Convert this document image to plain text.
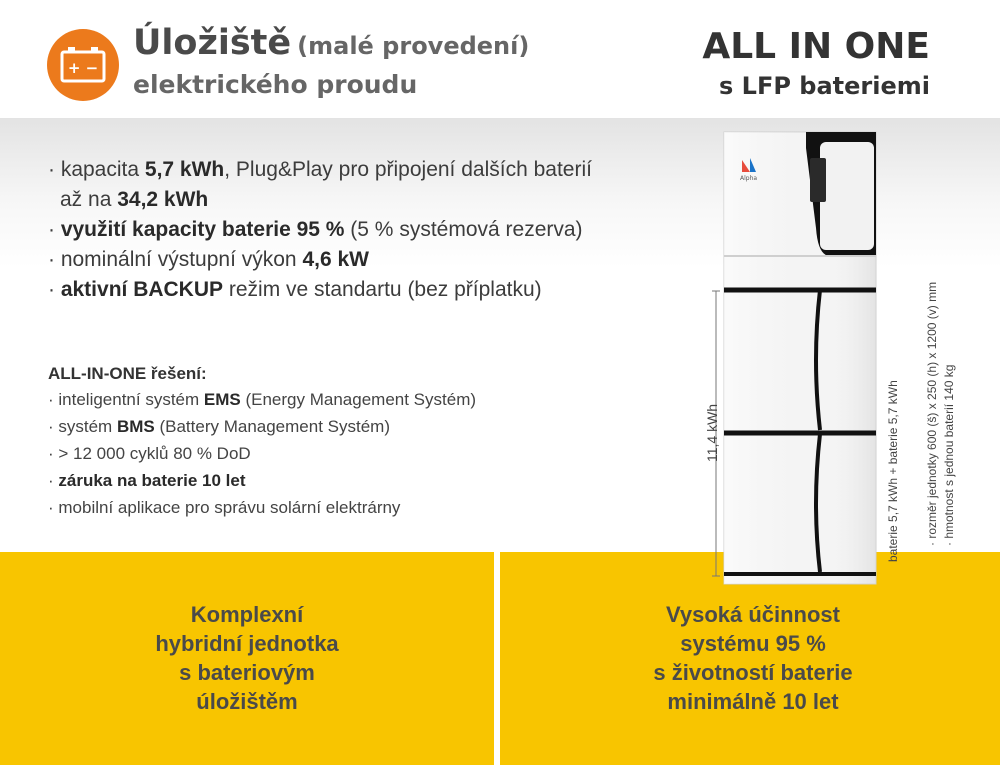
+ −
Úložiště (malé provedení)
elektrického proudu
ALL IN ONE
s LFP bateriemi
· kapacita 5,7 kWh, Plug&Play pro připojení dalších baterií
až na 34,2 kWh
· využití kapacity baterie 95 % (5 % systémová rezerva)
· nominální výstupní výkon 4,6 kW
· aktivní BACKUP režim ve standartu (bez příplatku)
ALL-IN-ONE řešení:
· inteligentní systém EMS (Energy Management Systém)
· systém BMS (Battery Management Systém)
· > 12 000 cyklů 80 % DoD
· záruka na baterie 10 let
· mobilní aplikace pro správu solární elektrárny
Komplexní
hybridní jednotka
s bateriovým
úložištěm
Vysoká účinnost
systému 95 %
s životností baterie
minimálně 10 let
Alpha
11,4 kWh	baterie 5,7 kWh + baterie 5,7 kWh · rozměr jednotky 600 (š) x 250 (h) x 1200 (v) mm · hmotnost s jednou baterií 140 kg
